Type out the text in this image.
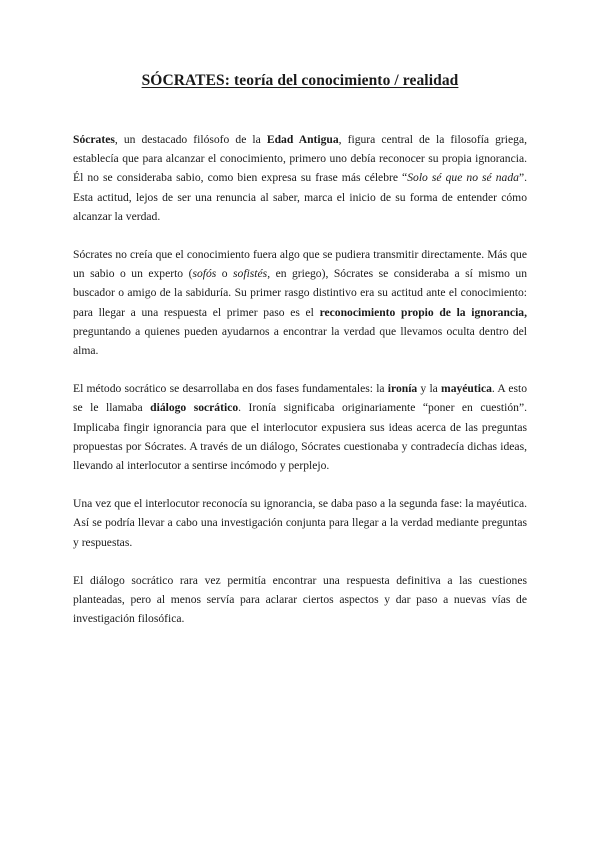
SÓCRATES: teoría del conocimiento / realidad

Sócrates, un destacado filósofo de la Edad Antigua, figura central de la filosofía griega, establecía que para alcanzar el conocimiento, primero uno debía reconocer su propia ignorancia. Él no se consideraba sabio, como bien expresa su frase más célebre “Solo sé que no sé nada”. Esta actitud, lejos de ser una renuncia al saber, marca el inicio de su forma de entender cómo alcanzar la verdad.

Sócrates no creía que el conocimiento fuera algo que se pudiera transmitir directamente. Más que un sabio o un experto (sofós o sofistés, en griego), Sócrates se consideraba a sí mismo un buscador o amigo de la sabiduría. Su primer rasgo distintivo era su actitud ante el conocimiento: para llegar a una respuesta el primer paso es el reconocimiento propio de la ignorancia, preguntando a quienes pueden ayudarnos a encontrar la verdad que llevamos oculta dentro del alma.

El método socrático se desarrollaba en dos fases fundamentales: la ironía y la mayéutica. A esto se le llamaba diálogo socrático. Ironía significaba originariamente “poner en cuestión”. Implicaba fingir ignorancia para que el interlocutor expusiera sus ideas acerca de las preguntas propuestas por Sócrates. A través de un diálogo, Sócrates cuestionaba y contradecía dichas ideas, llevando al interlocutor a sentirse incómodo y perplejo.

Una vez que el interlocutor reconocía su ignorancia, se daba paso a la segunda fase: la mayéutica. Así se podría llevar a cabo una investigación conjunta para llegar a la verdad mediante preguntas y respuestas.

El diálogo socrático rara vez permitía encontrar una respuesta definitiva a las cuestiones planteadas, pero al menos servía para aclarar ciertos aspectos y dar paso a nuevas vías de investigación filosófica.
